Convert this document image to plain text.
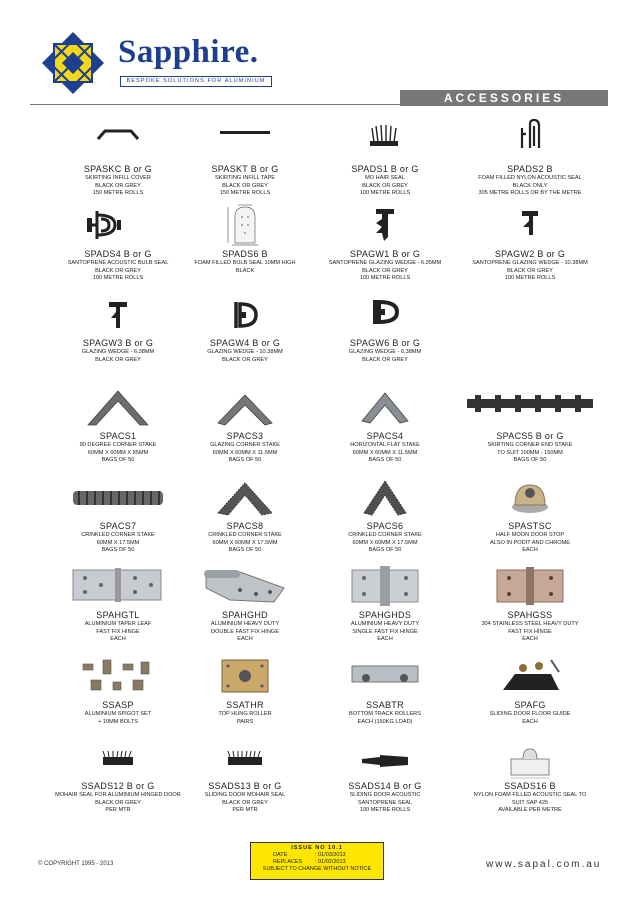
Sapphire.
BESPOKE SOLUTIONS FOR ALUMINIUM
ACCESSORIES
SPASKC B or G
SKIRTING INFILL COVER
BLACK OR GREY
150 METRE ROLLS
SPASKT B or G
SKIRTING INFILL TAPE
BLACK OR GREY
150 METRE ROLLS
SPADS1 B or G
MO HAIR SEAL
BLACK OR GREY
100 METRE ROLLS
SPADS2 B
FOAM FILLED NYLON ACOUSTIC SEAL
BLACK ONLY
305 METRE ROLLS OR BY THE METRE
SPADS4 B or G
SANTOPRENE ACOUSTIC BULB SEAL
BLACK OR GREY
100 METRE ROLLS
SPADS6 B
FOAM FILLED BULB SEAL 10MM HIGH
BLACK
SPAGW1 B or G
SANTOPRENE GLAZING WEDGE - 6.35MM
BLACK OR GREY
100 METRE ROLLS
SPAGW2 B or G
SANTOPRENE GLAZING WEDGE - 10.38MM
BLACK OR GREY
100 METRE ROLLS
SPAGW3 B or G
GLAZING WEDGE - 6.38MM
BLACK OR GREY
SPAGW4 B or G
GLAZING WEDGE - 10.38MM
BLACK OR GREY
SPAGW6 B or G
GLAZING WEDGE - 6.38MM
BLACK OR GREY
SPACS1
90 DEGREE CORNER STAKE
60MM X 60MM X 85MM
BAGS OF 50
SPACS3
GLAZING CORNER STAKE
60MM X 60MM X 11.5MM
BAGS OF 50
SPACS4
HORIZONTAL FLAT STAKE
60MM X 60MM X 11.5MM
BAGS OF 50
SPACS5 B or G
SKIRTING CORNER END STAKE
TO SUIT 100MM - 150MM
BAGS OF 50
SPACS7
CRINKLED CORNER STAKE
60MM X 17.5MM
BAGS OF 50
SPACS8
CRINKLED CORNER STAKE
60MM X 60MM X 17.5MM
BAGS OF 50
SPACS6
CRINKLED CORNER STAKE
60MM X 60MM X 17.5MM
BAGS OF 50
SPASTSC
HALF MOON DOOR STOP
ALSO IN PODIT AND CHROME
EACH
SPAHGTL
ALUMINIUM TAPER LEAF
FAST FIX HINGE
EACH
SPAHGHD
ALUMINIUM HEAVY DUTY
DOUBLE FAST FIX HINGE
EACH
SPAHGHDS
ALUMINIUM HEAVY DUTY
SINGLE FAST FIX HINGE
EACH
SPAHGSS
304 STAINLESS STEEL HEAVY DUTY
FAST FIX HINGE
EACH
SSASP
ALUMINIUM SPIGOT SET
+ 10MM BOLTS
SSATHR
TOP HUNG ROLLER
PAIRS
SSABTR
BOTTOM TRACK ROLLERS
EACH (150KG LOAD)
SPAFG
SLIDING DOOR FLOOR GUIDE
EACH
SSADS12 B or G
MOHAIR SEAL FOR ALUMINIUM HINGED DOOR
BLACK OR GREY
PER MTR
SSADS13 B or G
SLIDING DOOR MOHAIR SEAL
BLACK OR GREY
PER MTR
SSADS14 B or G
SLIDING DOOR ACOUSTIC
SANTOPRENE SEAL
100 METRE ROLLS
SSADS16 B
NYLON FOAM FILLED ACOUSTIC SEAL TO
SUIT SAP 425
AVAILABLE PER METRE
© COPYRIGHT 1995 - 2013
ISSUE NO 10.1
DATE	: 01/03/2013
REPLACES : 01/02/2013
SUBJECT TO CHANGE WITHOUT NOTICE	www.sapal.com.au
